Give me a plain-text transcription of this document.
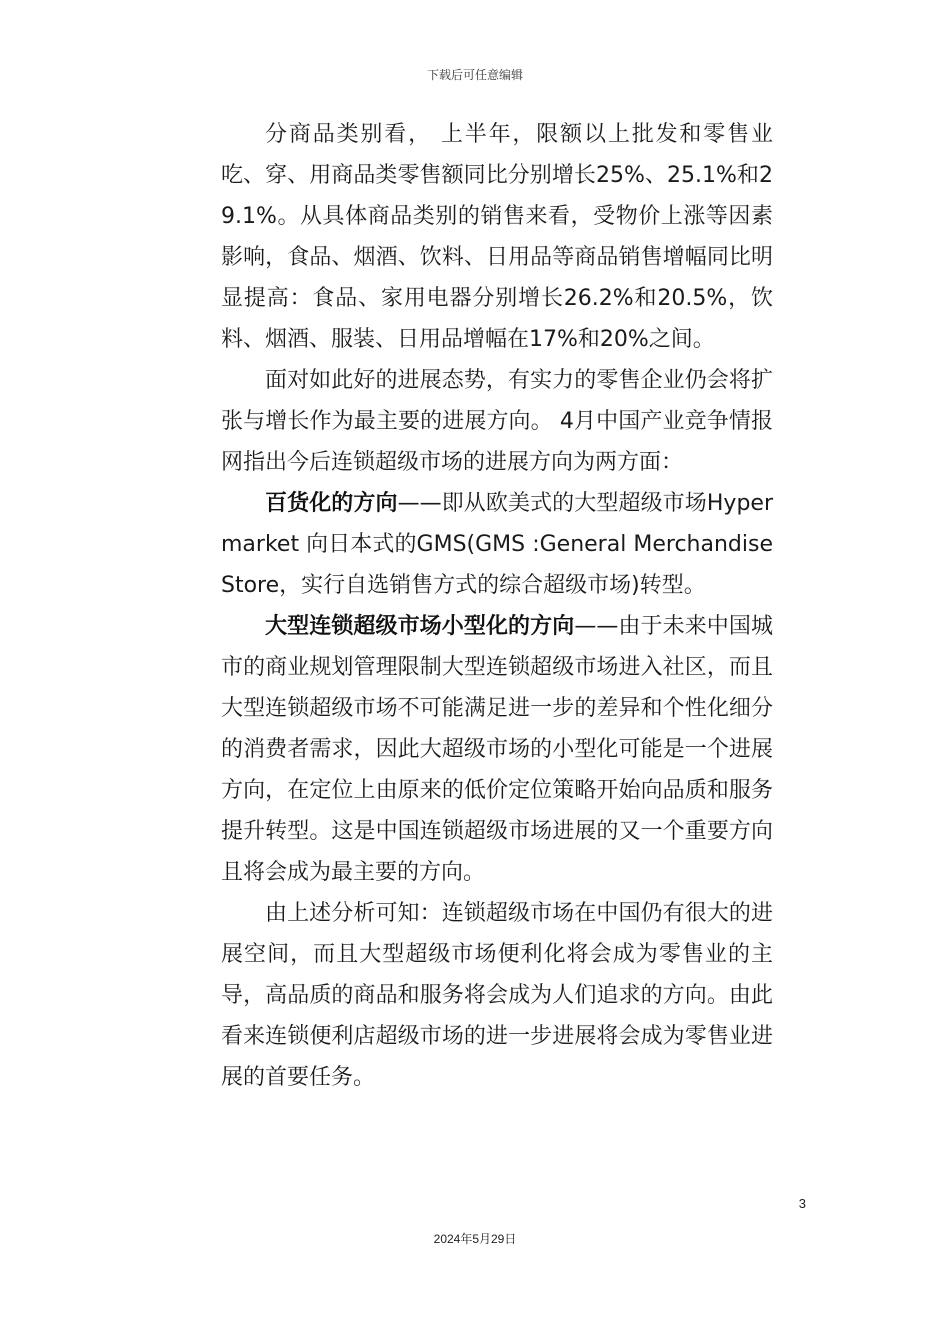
下载后可任意编辑

分商品类别看， 上半年，限额以上批发和零售业吃、穿、用商品类零售额同比分别增长25%、25.1%和29.1%。从具体商品类别的销售来看，受物价上涨等因素影响，食品、烟酒、饮料、日用品等商品销售增幅同比明显提高：食品、家用电器分别增长26.2%和20.5%，饮料、烟酒、服装、日用品增幅在17%和20%之间。

面对如此好的进展态势，有实力的零售企业仍会将扩张与增长作为最主要的进展方向。 4月中国产业竞争情报网指出今后连锁超级市场的进展方向为两方面：

百货化的方向——即从欧美式的大型超级市场Hypermarket 向日本式的GMS(GMS :General Merchandise Store，实行自选销售方式的综合超级市场)转型。

大型连锁超级市场小型化的方向——由于未来中国城市的商业规划管理限制大型连锁超级市场进入社区，而且大型连锁超级市场不可能满足进一步的差异和个性化细分的消费者需求，因此大超级市场的小型化可能是一个进展方向，在定位上由原来的低价定位策略开始向品质和服务提升转型。这是中国连锁超级市场进展的又一个重要方向且将会成为最主要的方向。

由上述分析可知：连锁超级市场在中国仍有很大的进展空间，而且大型超级市场便利化将会成为零售业的主导，高品质的商品和服务将会成为人们追求的方向。由此看来连锁便利店超级市场的进一步进展将会成为零售业进展的首要任务。

3
2024年5月29日
